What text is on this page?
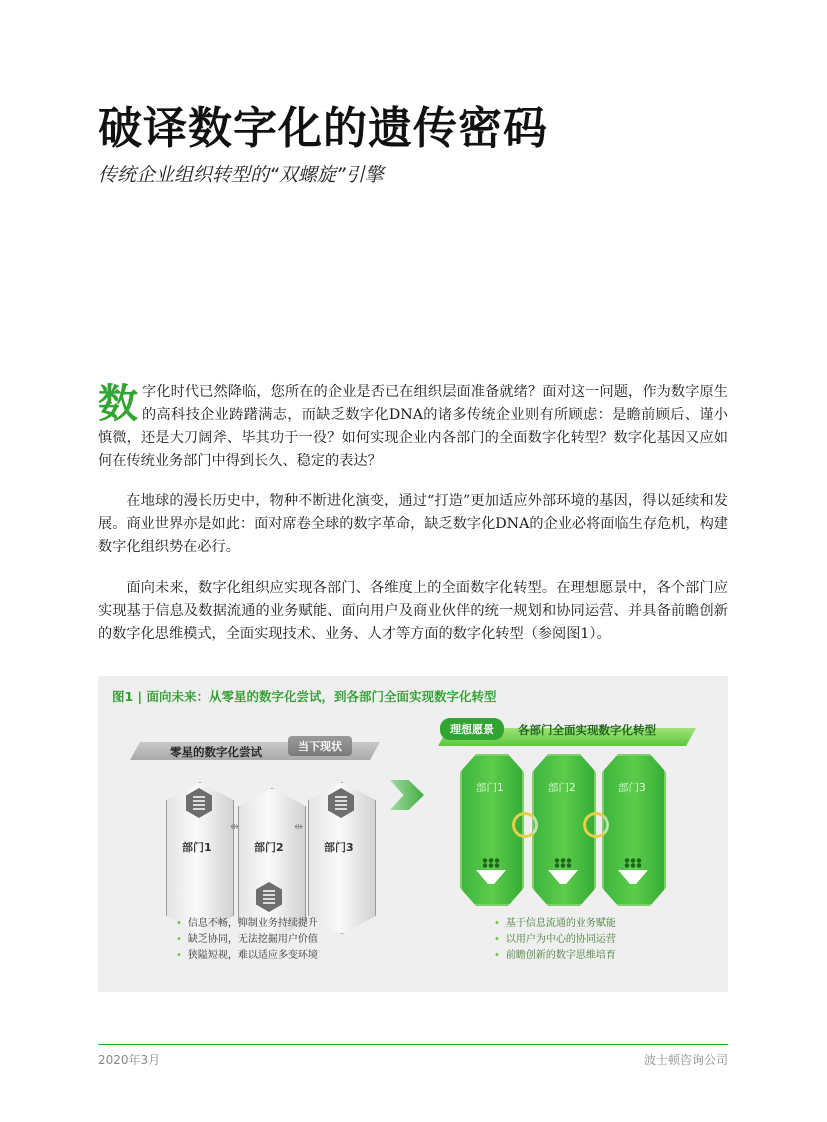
破译数字化的遗传密码

传统企业组织转型的“双螺旋”引擎

数 字化时代已然降临，您所在的企业是否已在组织层面准备就绪？面对这一问题，作为数字原生的高科技企业踌躇满志，而缺乏数字化DNA的诸多传统企业则有所顾虑：是瞻前顾后、谨小慎微，还是大刀阔斧、毕其功于一役？如何实现企业内各部门的全面数字化转型？数字化基因又应如何在传统业务部门中得到长久、稳定的表达？

在地球的漫长历史中，物种不断进化演变，通过“打造”更加适应外部环境的基因，得以延续和发展。商业世界亦是如此：面对席卷全球的数字革命，缺乏数字化DNA的企业必将面临生存危机，构建数字化组织势在必行。

面向未来，数字化组织应实现各部门、各维度上的全面数字化转型。在理想愿景中，各个部门应实现基于信息及数据流通的业务赋能、面向用户及商业伙伴的统一规划和协同运营、并具备前瞻创新的数字化思维模式，全面实现技术、业务、人才等方面的数字化转型（参阅图1）。

图1 | 面向未来：从零星的数字化尝试，到各部门全面实现数字化转型
零星的数字化尝试	当下现状
部门1	部门2	部门3
⇹	⇹
• 信息不畅，抑制业务持续提升
• 缺乏协同，无法挖掘用户价值
• 狭隘短视，难以适应多变环境
理想愿景	各部门全面实现数字化转型
部门1	部门2	部门3
• 基于信息流通的业务赋能
• 以用户为中心的协同运营
• 前瞻创新的数字思维培育
2020年3月	波士顿咨询公司
